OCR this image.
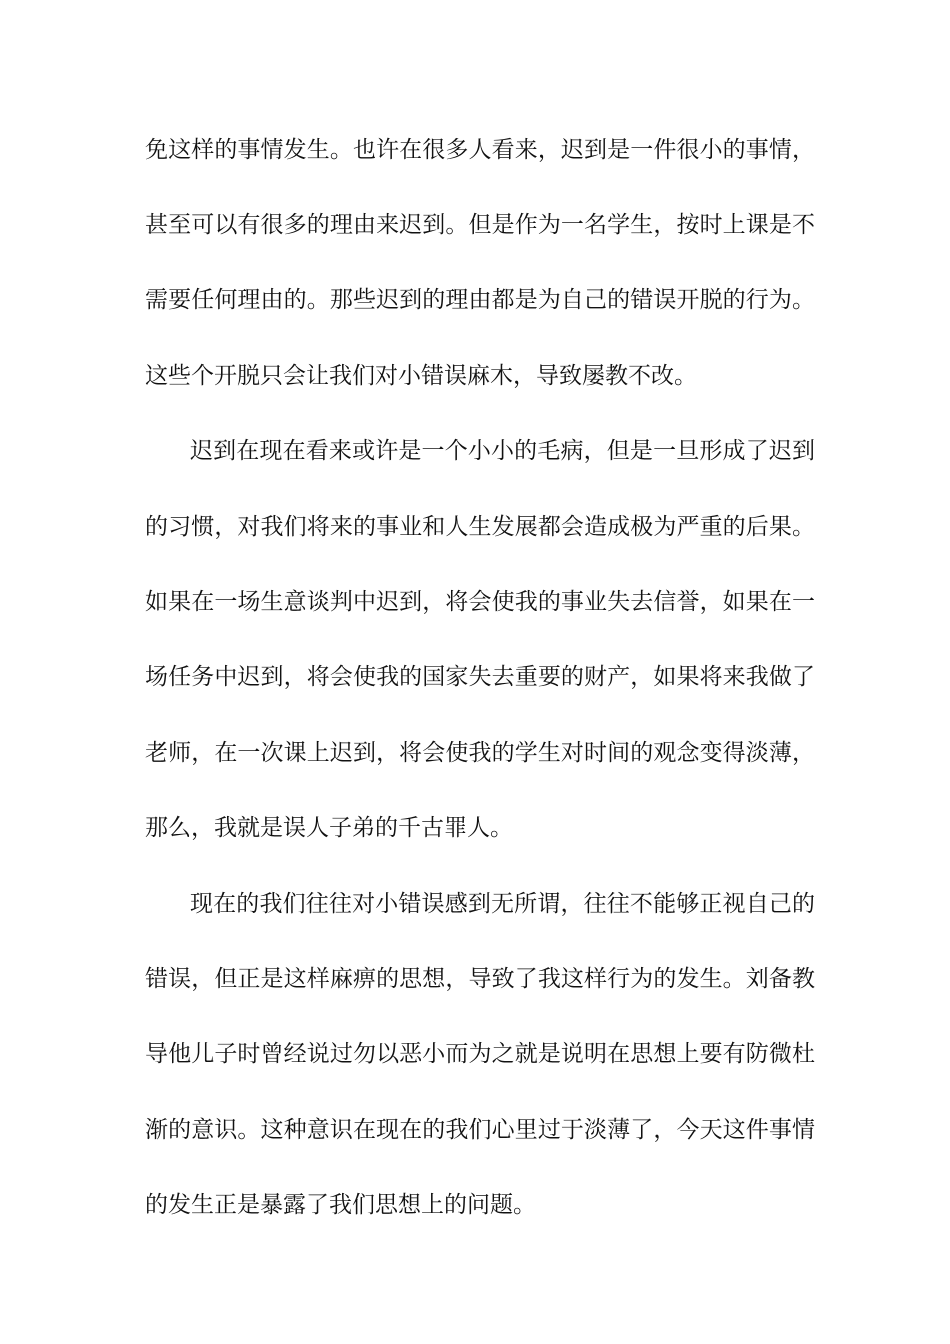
免这样的事情发生。也许在很多人看来，迟到是一件很小的事情，
甚至可以有很多的理由来迟到。但是作为一名学生，按时上课是不
需要任何理由的。那些迟到的理由都是为自己的错误开脱的行为。
这些个开脱只会让我们对小错误麻木，导致屡教不改。
迟到在现在看来或许是一个小小的毛病，但是一旦形成了迟到
的习惯，对我们将来的事业和人生发展都会造成极为严重的后果。
如果在一场生意谈判中迟到，将会使我的事业失去信誉，如果在一
场任务中迟到，将会使我的国家失去重要的财产，如果将来我做了
老师，在一次课上迟到，将会使我的学生对时间的观念变得淡薄，
那么，我就是误人子弟的千古罪人。
现在的我们往往对小错误感到无所谓，往往不能够正视自己的
错误，但正是这样麻痹的思想，导致了我这样行为的发生。刘备教
导他儿子时曾经说过勿以恶小而为之就是说明在思想上要有防微杜
渐的意识。这种意识在现在的我们心里过于淡薄了，今天这件事情
的发生正是暴露了我们思想上的问题。
